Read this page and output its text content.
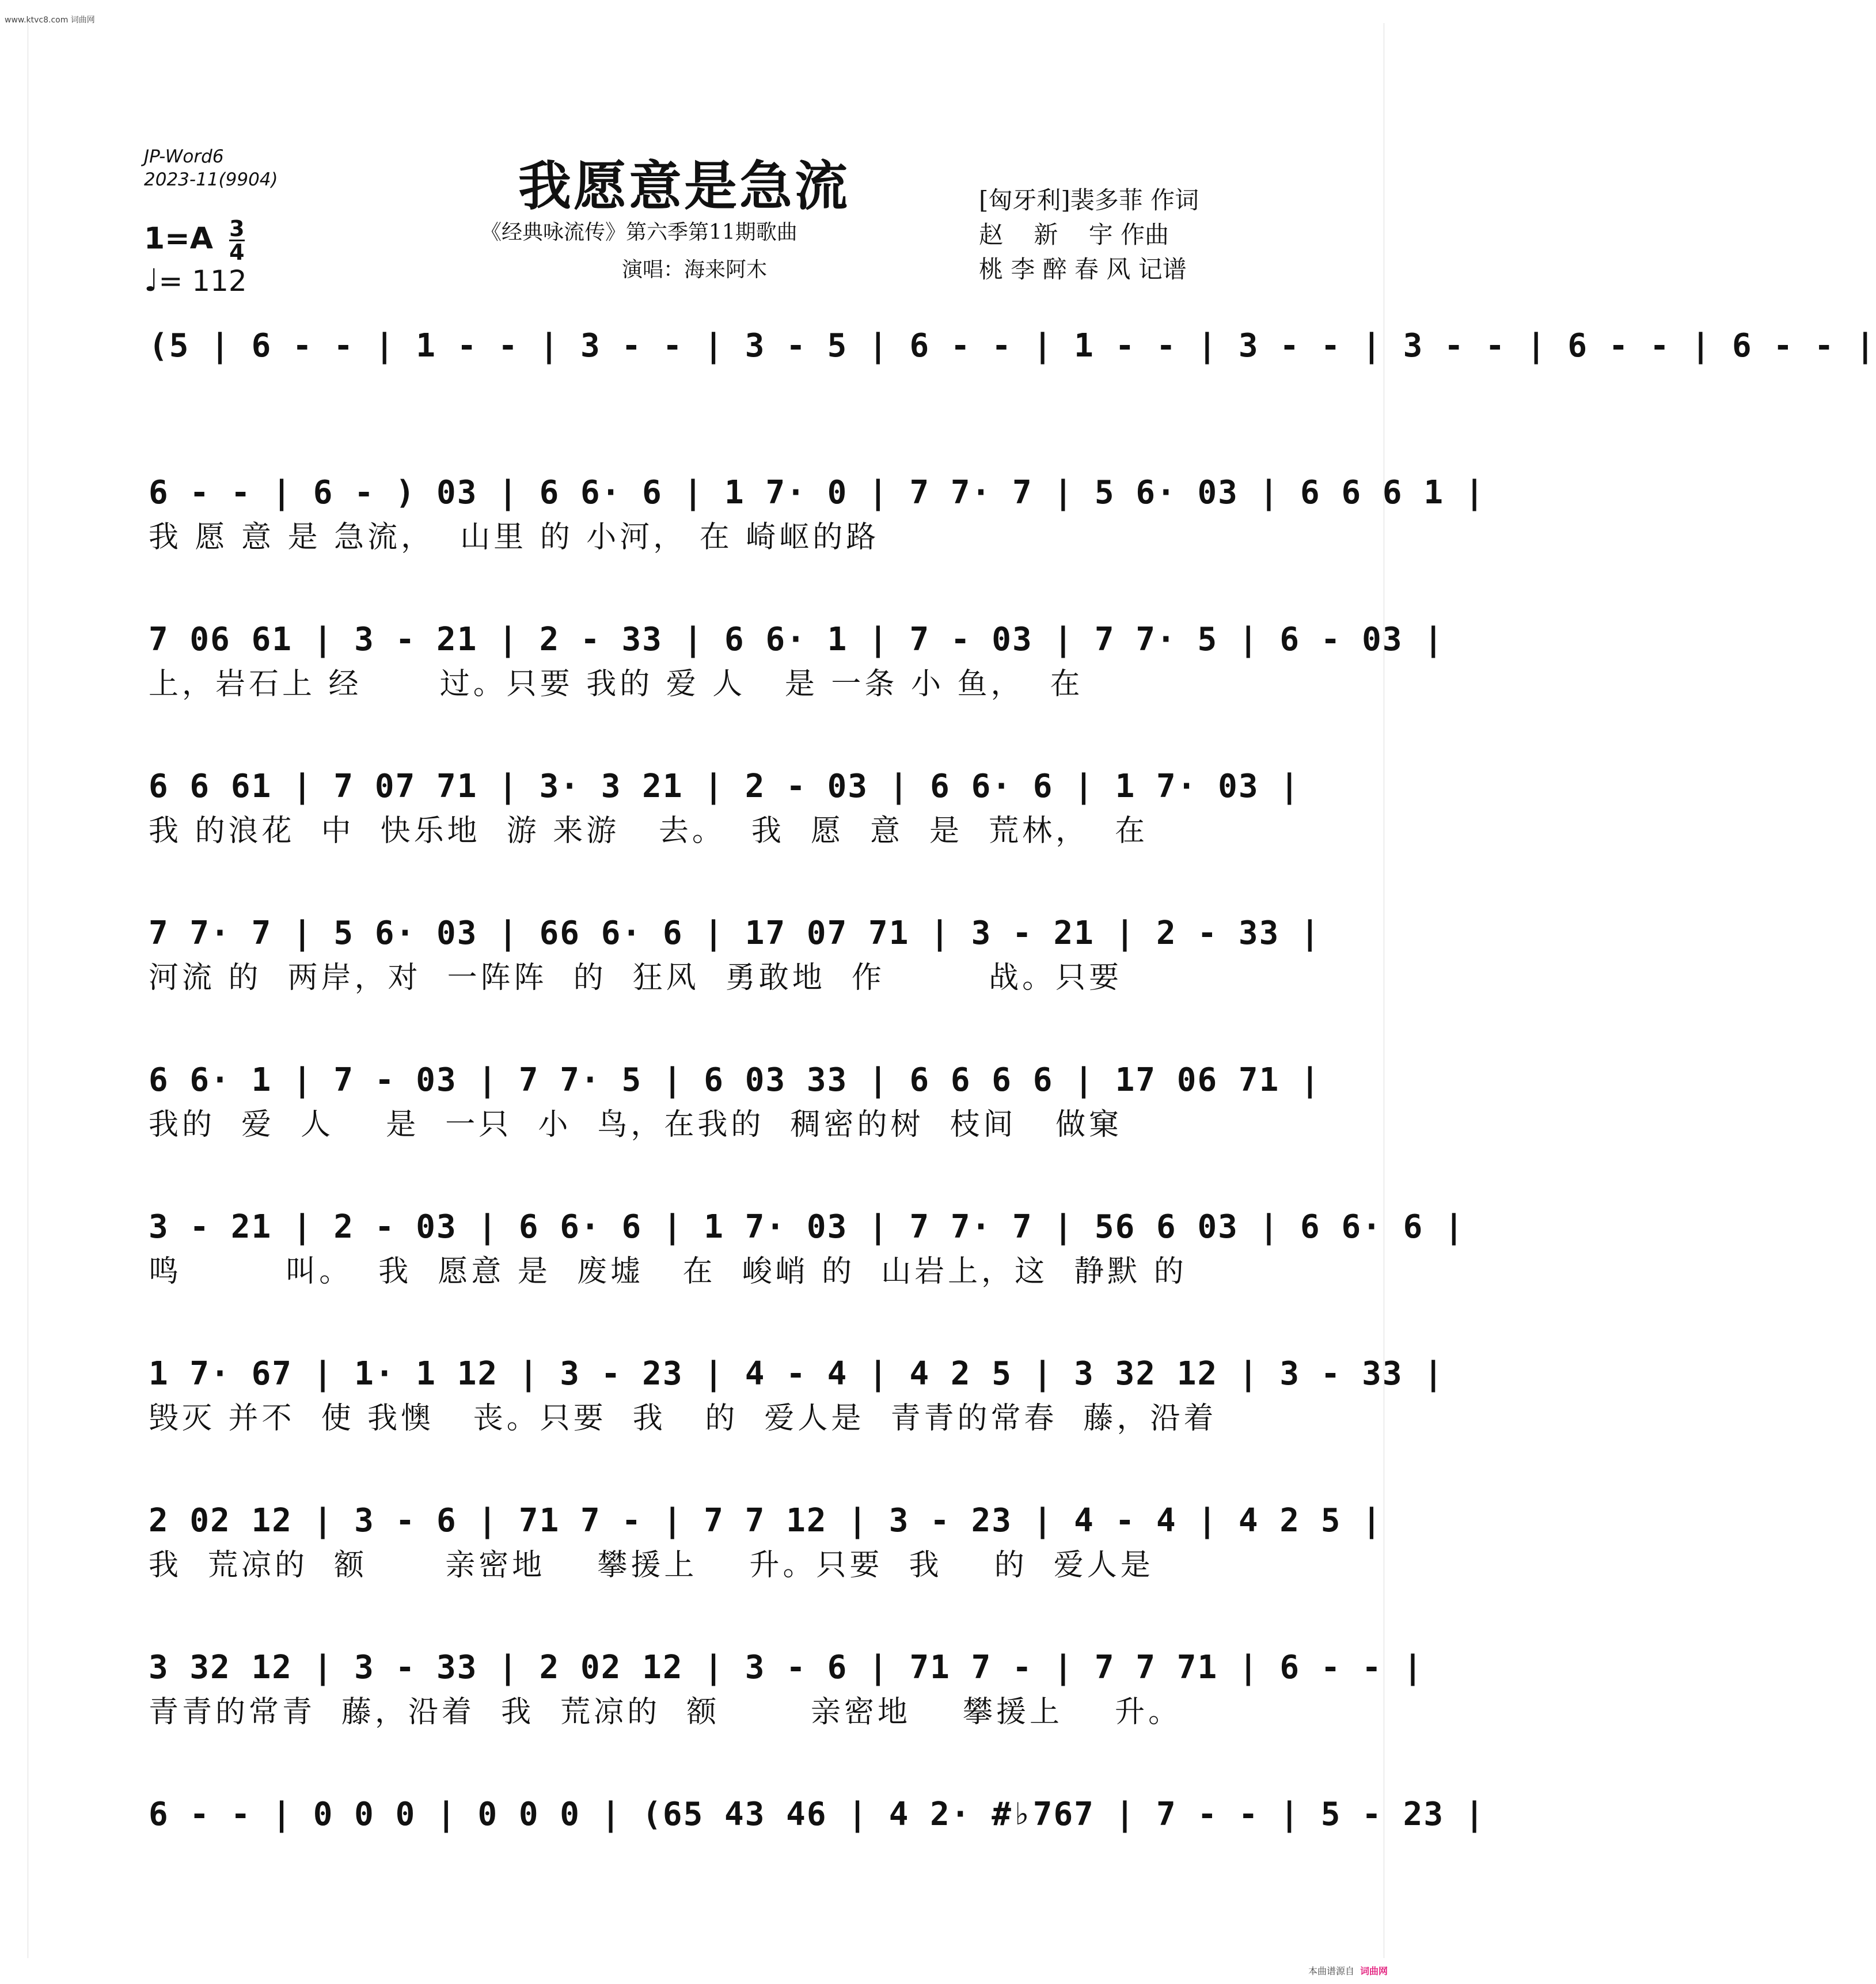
www.ktvc8.com 词曲网
JP-Word6
2023-11(9904)	我愿意是急流
《经典咏流传》第六季第11期歌曲
演唱：海来阿木
[匈牙利]裴多菲 作词
赵    新    宇 作曲
桃 李 醉 春 风 记谱
$1=A \frac{3}{4}$
♩= 112
(5 | 6 - - | 1 - - | 3 - - | 3 - 5 | 6 - - | 1 - - | 3 - - | 3 - - | 6 - - | 6 - - |
6 - - | 6 - ) 03 | 6 6· 6 | 1 7· 0 | 7 7· 7 | 5 6· 03 | 6 6 6 1 |
我 愿 意 是 急流，  山里 的 小河， 在 崎岖的路
7 06 61 | 3 - 21 | 2 - 33 | 6 6· 1 | 7 - 03 | 7 7· 5 | 6 - 03 |
上，岩石上 经      过。只要 我的 爱 人   是 一条 小 鱼，  在
6 6 61 | 7 07 71 | 3· 3 21 | 2 - 03 | 6 6· 6 | 1 7· 03 |
我 的浪花  中  快乐地  游 来游   去。  我  愿  意  是  荒林，  在
7 7· 7 | 5 6· 03 | 66 6· 6 | 17 07 71 | 3 - 21 | 2 - 33 |
河流 的  两岸，对  一阵阵  的  狂风  勇敢地  作        战。只要
6 6· 1 | 7 - 03 | 7 7· 5 | 6 03 33 | 6 6 6 6 | 17 06 71 |
我的  爱  人    是  一只  小  鸟，在我的  稠密的树  枝间   做窠
3 - 21 | 2 - 03 | 6 6· 6 | 1 7· 03 | 7 7· 7 | 56 6 03 | 6 6· 6 |
鸣        叫。  我  愿意 是  废墟   在  峻峭 的  山岩上，这  静默 的
1 7· 67 | 1· 1 12 | 3 - 23 | 4 - 4 | 4 2 5 | 3 32 12 | 3 - 33 |
毁灭 并不  使 我懊   丧。只要  我   的  爱人是  青青的常春  藤，沿着
2 02 12 | 3 - 6 | 71 7 - | 7 7 12 | 3 - 23 | 4 - 4 | 4 2 5 |
我  荒凉的  额      亲密地    攀援上    升。只要  我    的  爱人是
3 32 12 | 3 - 33 | 2 02 12 | 3 - 6 | 71 7 - | 7 7 71 | 6 - - |
青青的常青  藤，沿着  我  荒凉的  额       亲密地    攀援上    升。
6 - - | 0 0 0 | 0 0 0 | (65 43 46 | 4 2· #♭767 | 7 - - | 5 - 23 |
本曲谱源自 词曲网
